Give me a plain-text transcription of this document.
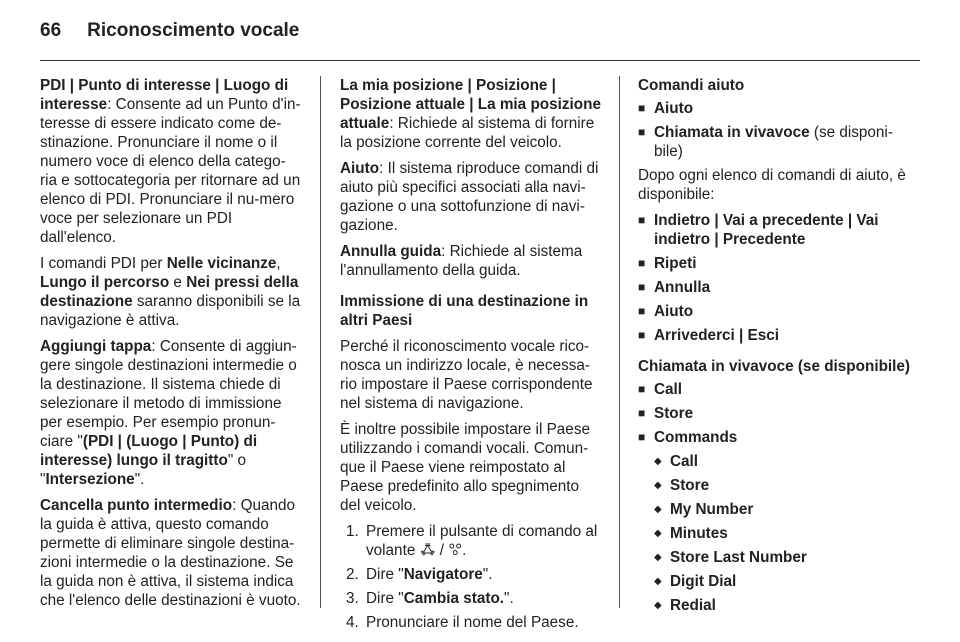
66 Riconoscimento vocale

PDI | Punto di interesse | Luogo di interesse: Consente ad un Punto d'in-teresse di essere indicato come de-stinazione. Pronunciare il nome o il numero voce di elenco della catego-ria e sottocategoria per ritornare ad un elenco di PDI. Pronunciare il nu-mero voce per selezionare un PDI dall'elenco.

I comandi PDI per Nelle vicinanze, Lungo il percorso e Nei pressi della destinazione saranno disponibili se la navigazione è attiva.

Aggiungi tappa: Consente di aggiun-gere singole destinazioni intermedie o la destinazione. Il sistema chiede di selezionare il metodo di immissione per esempio. Per esempio pronun-ciare "(PDI | (Luogo | Punto) di interesse) lungo il tragitto" o "Intersezione".

Cancella punto intermedio: Quando la guida è attiva, questo comando permette di eliminare singole destina-zioni intermedie o la destinazione. Se la guida non è attiva, il sistema indica che l'elenco delle destinazioni è vuoto.

La mia posizione | Posizione | Posizione attuale | La mia posizione attuale: Richiede al sistema di fornire la posizione corrente del veicolo.

Aiuto: Il sistema riproduce comandi di aiuto più specifici associati alla navi-gazione o una sottofunzione di navi-gazione.

Annulla guida: Richiede al sistema l'annullamento della guida.

Immissione di una destinazione in altri Paesi

Perché il riconoscimento vocale rico-nosca un indirizzo locale, è necessa-rio impostare il Paese corrispondente nel sistema di navigazione.

È inoltre possibile impostare il Paese utilizzando i comandi vocali. Comun-que il Paese viene reimpostato al Paese predefinito allo spegnimento del veicolo.

1. Premere il pulsante di comando al volante ꗈ / ꖜ.
2. Dire "Navigatore".
3. Dire "Cambia stato.".
4. Pronunciare il nome del Paese.

Comandi aiuto

■ Aiuto
■ Chiamata in vivavoce (se disponi-bile)

Dopo ogni elenco di comandi di aiuto, è disponibile:

■ Indietro | Vai a precedente | Vai indietro | Precedente
■ Ripeti
■ Annulla
■ Aiuto
■ Arrivederci | Esci

Chiamata in vivavoce (se disponibile)

■ Call
■ Store
■ Commands
◆ Call
◆ Store
◆ My Number
◆ Minutes
◆ Store Last Number
◆ Digit Dial
◆ Redial
